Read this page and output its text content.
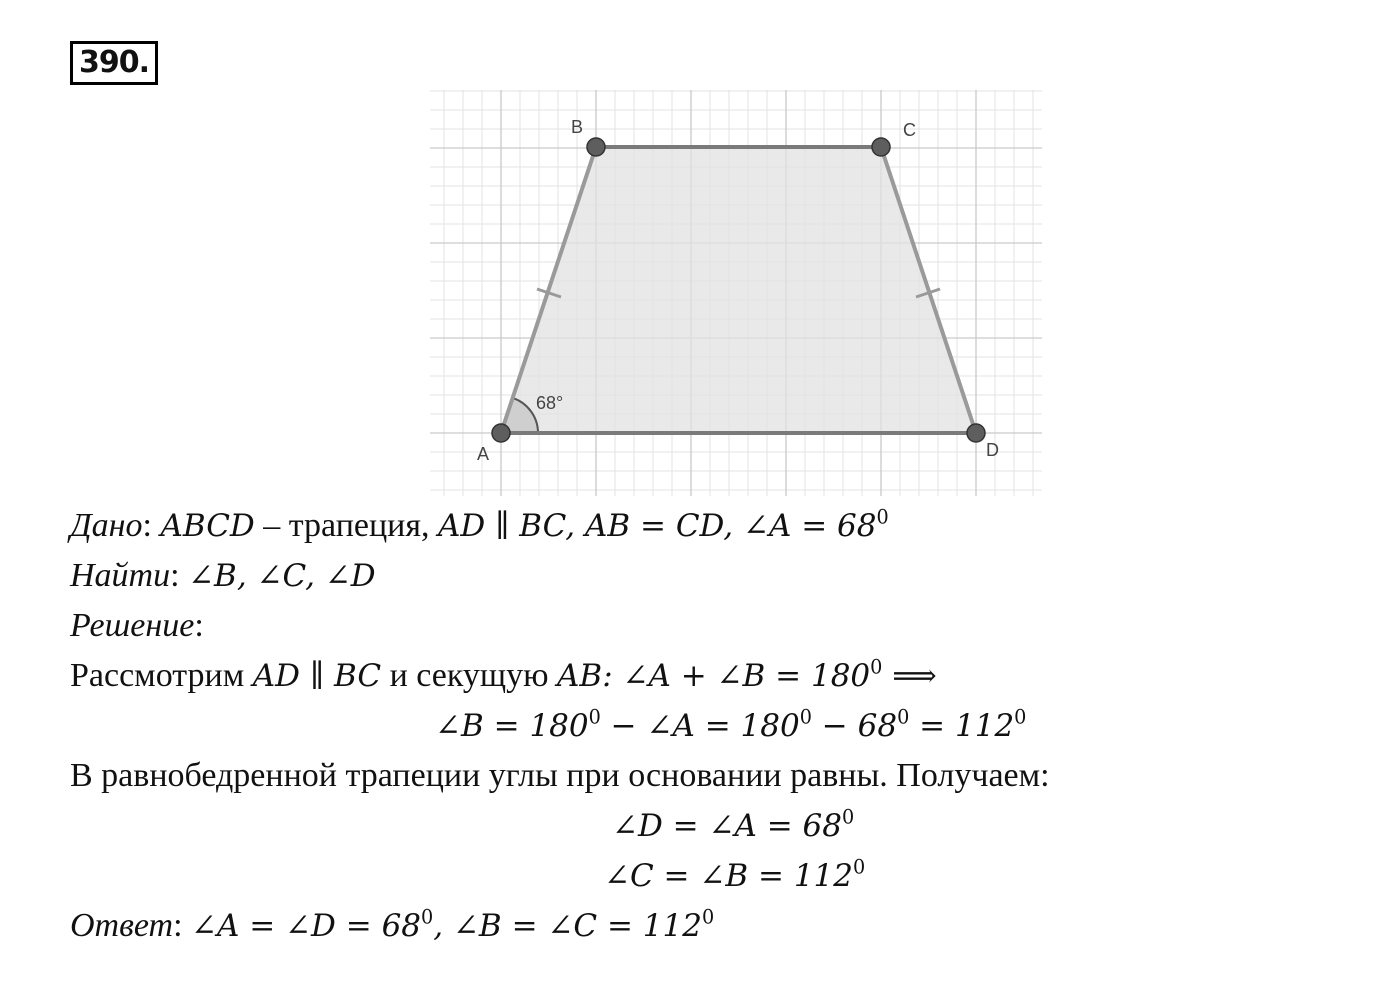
390.
B	C
A	D
68°
Дано: ABCD – трапеция, AD ∥ BC, AB = CD, ∠A = $68^0$
Найти: ∠B, ∠C, ∠D
Решение:
Рассмотрим AD ∥ BC и секущую AB: ∠A + ∠B = $180^0$ ⟹
∠B = $180^0$ − ∠A = $180^0 - 68^0 = 112^0$
В равнобедренной трапеции углы при основании равны. Получаем:
∠D = ∠A = $68^0$
∠C = ∠B = $112^0$
Ответ: ∠A = ∠D = $68^0$, ∠B = ∠C = $112^0$
